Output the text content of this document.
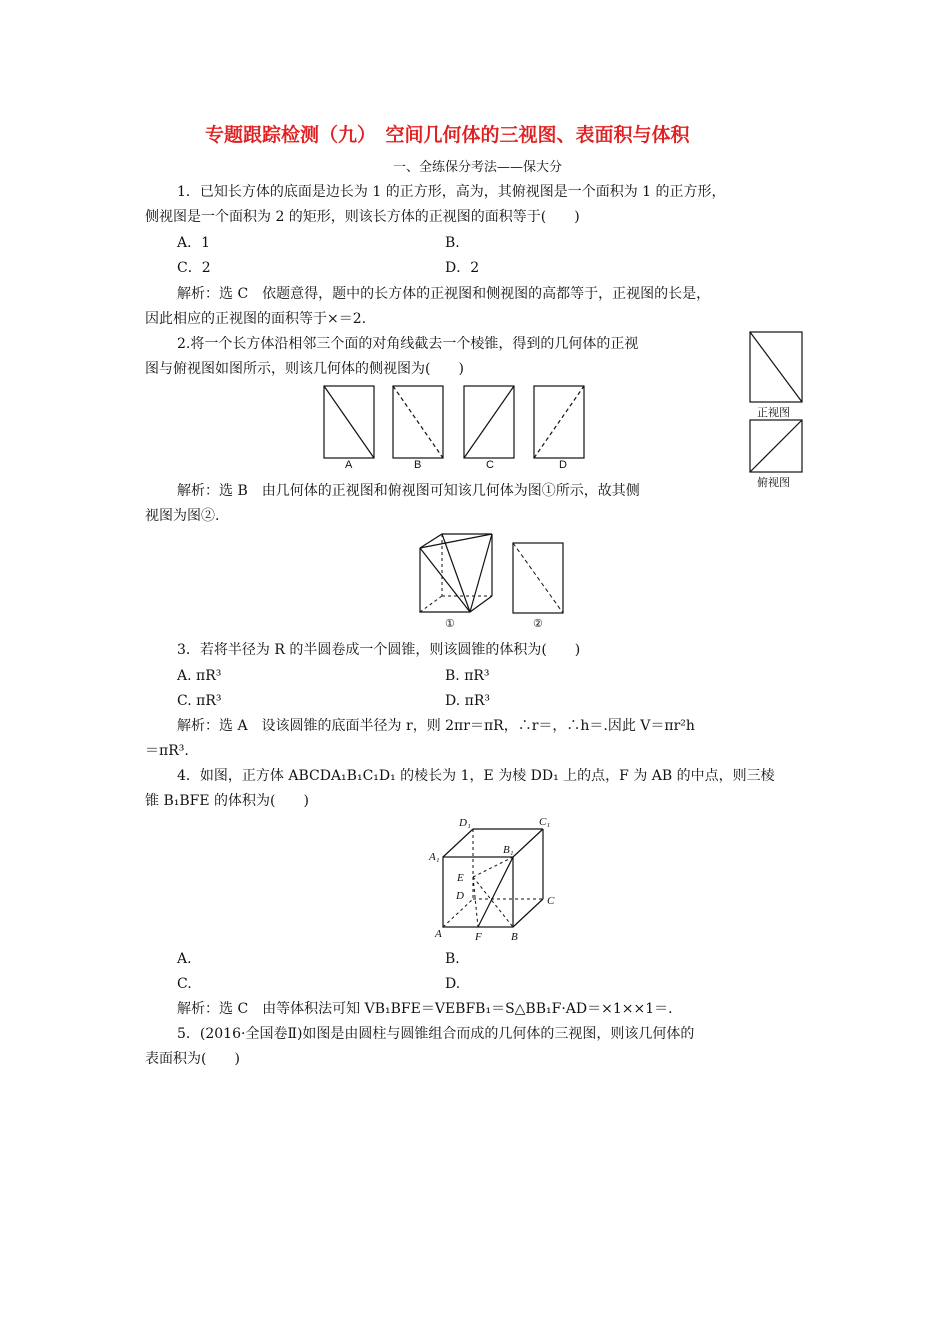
专题跟踪检测（九）　空间几何体的三视图、表面积与体积
一、全练保分考法——保大分
1．已知长方体的底面是边长为 1 的正方形，高为，其俯视图是一个面积为 1 的正方形，
侧视图是一个面积为 2 的矩形，则该长方体的正视图的面积等于(　　)
A．1	B.
C．2	D．2
解析：选 C　依题意得，题中的长方体的正视图和侧视图的高都等于，正视图的长是，
因此相应的正视图的面积等于×＝2.
2.将一个长方体沿相邻三个面的对角线截去一个棱锥，得到的几何体的正视
图与俯视图如图所示，则该几何体的侧视图为(　　)
A	B	C	D
正视图
俯视图
解析：选 B　由几何体的正视图和俯视图可知该几何体为图①所示，故其侧
视图为图②.
①	②
3．若将半径为 R 的半圆卷成一个圆锥，则该圆锥的体积为(　　)
A. πR³	B. πR³
C. πR³	D. πR³
解析：选 A　设该圆锥的底面半径为 r，则 2πr＝πR，∴r＝，∴h＝.因此 V＝πr²h
＝πR³.
4．如图，正方体 ABCDA₁B₁C₁D₁ 的棱长为 1，E 为棱 DD₁ 上的点，F 为 AB 的中点，则三棱
锥 B₁BFE 的体积为(　　)
D₁	C₁
A₁
B₁
E
D	C
A	F	B
A.	B.
C.	D.
解析：选 C　由等体积法可知 VB₁BFE＝VEBFB₁＝S△BB₁F·AD＝×1××1＝.
5．(2016·全国卷Ⅱ)如图是由圆柱与圆锥组合而成的几何体的三视图，则该几何体的
表面积为(　　)
